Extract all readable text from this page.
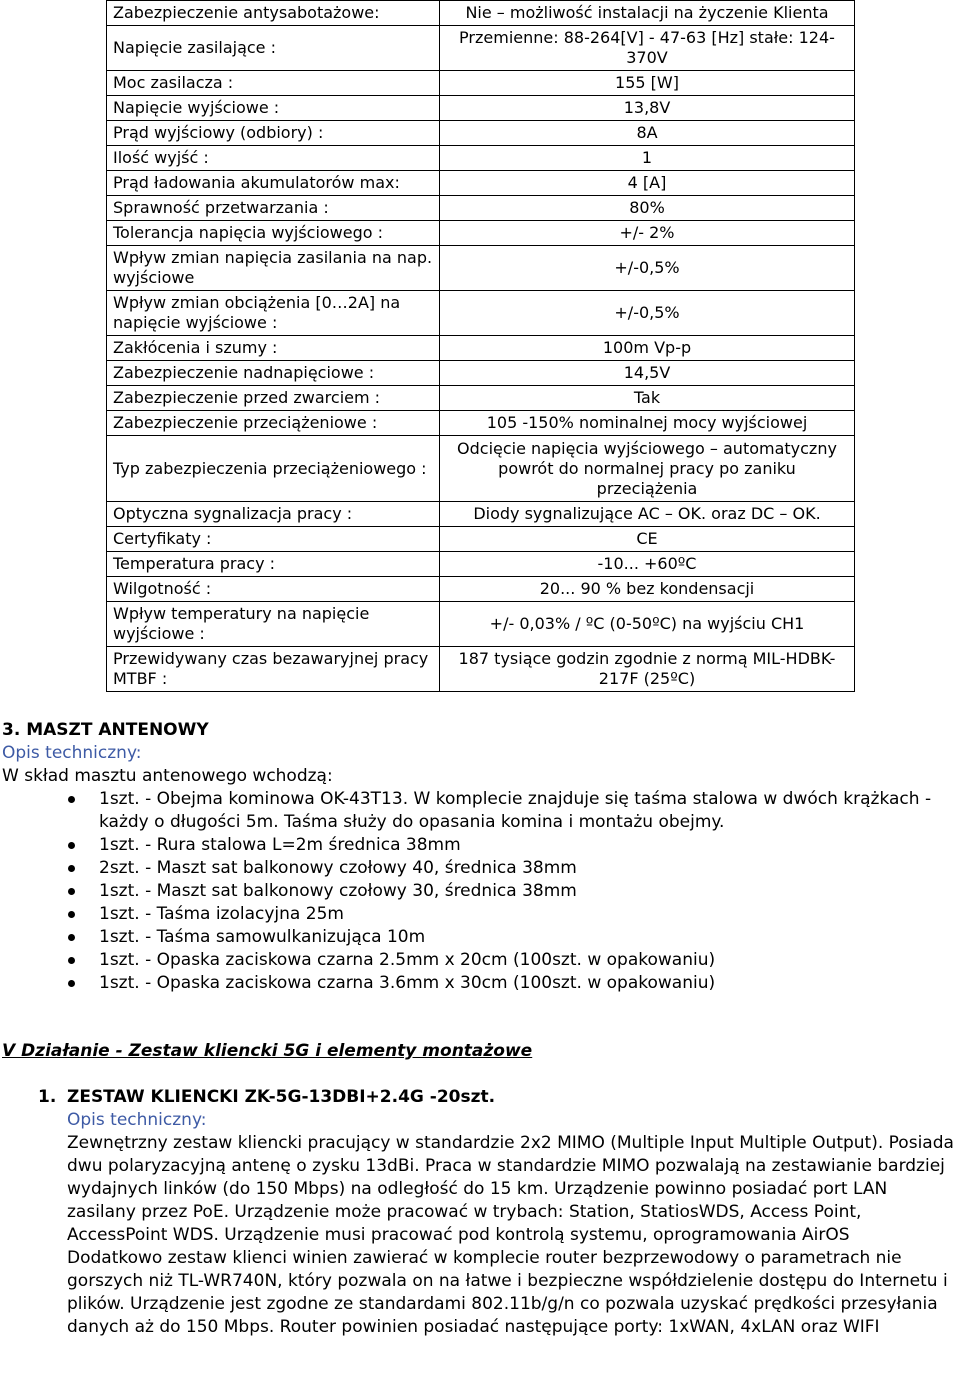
Zabezpieczenie antysabotażowe:	Nie – możliwość instalacji na życzenie Klienta
Napięcie zasilające :	Przemienne: 88-264[V] - 47-63 [Hz] stałe: 124-370V
Moc zasilacza :	155 [W]
Napięcie wyjściowe :	13,8V
Prąd wyjściowy (odbiory) :	8A
Ilość wyjść :	1
Prąd ładowania akumulatorów max:	4 [A]
Sprawność przetwarzania :	80%
Tolerancja napięcia wyjściowego :	+/- 2%
Wpływ zmian napięcia zasilania na nap. wyjściowe	+/-0,5%
Wpływ zmian obciążenia [0…2A] na napięcie wyjściowe :	+/-0,5%
Zakłócenia i szumy :	100m Vp-p
Zabezpieczenie nadnapięciowe :	14,5V
Zabezpieczenie przed zwarciem :	Tak
Zabezpieczenie przeciążeniowe :	105 -150% nominalnej mocy wyjściowej
Typ zabezpieczenia przeciążeniowego :	Odcięcie napięcia wyjściowego – automatyczny powrót do normalnej pracy po zaniku przeciążenia
Optyczna sygnalizacja pracy :	Diody sygnalizujące AC – OK. oraz DC – OK.
Certyfikaty :	CE
Temperatura pracy :	-10... +60ºC
Wilgotność :	20... 90 % bez kondensacji
Wpływ temperatury na napięcie wyjściowe :	+/- 0,03% / ºC (0-50ºC) na wyjściu CH1
Przewidywany czas bezawaryjnej pracy MTBF :	187 tysiące godzin zgodnie z normą MIL-HDBK-217F (25ºC)
3. MASZT ANTENOWY
Opis techniczny:
W skład masztu antenowego wchodzą:
1szt. - Obejma kominowa OK-43T13. W komplecie znajduje się taśma stalowa w dwóch krążkach - każdy o długości 5m. Taśma służy do opasania komina i montażu obejmy.
1szt. - Rura stalowa L=2m średnica 38mm
2szt. - Maszt sat balkonowy czołowy 40, średnica 38mm
1szt. - Maszt sat balkonowy czołowy 30, średnica 38mm
1szt. - Taśma izolacyjna 25m
1szt. - Taśma samowulkanizująca 10m
1szt. - Opaska zaciskowa czarna 2.5mm x 20cm (100szt. w opakowaniu)
1szt. - Opaska zaciskowa czarna 3.6mm x 30cm (100szt. w opakowaniu)
V Działanie - Zestaw kliencki 5G i elementy montażowe
1. ZESTAW KLIENCKI ZK-5G-13DBI+2.4G -20szt.
Opis techniczny:
Zewnętrzny zestaw kliencki pracujący w standardzie 2x2 MIMO (Multiple Input Multiple Output). Posiada dwu polaryzacyjną antenę o zysku 13dBi. Praca w standardzie MIMO pozwalają na zestawianie bardziej wydajnych linków (do 150 Mbps) na odległość do 15 km. Urządzenie powinno posiadać port LAN zasilany przez PoE. Urządzenie może pracować w trybach: Station, StatiosWDS, Access Point, AccessPoint WDS. Urządzenie musi pracować pod kontrolą systemu, oprogramowania AirOS
Dodatkowo zestaw klienci winien zawierać w komplecie router bezprzewodowy o parametrach nie gorszych niż TL-WR740N, który pozwala on na łatwe i bezpieczne współdzielenie dostępu do Internetu i plików. Urządzenie jest zgodne ze standardami 802.11b/g/n co pozwala uzyskać prędkości przesyłania danych aż do 150 Mbps. Router powinien posiadać następujące porty: 1xWAN, 4xLAN oraz WIFI
